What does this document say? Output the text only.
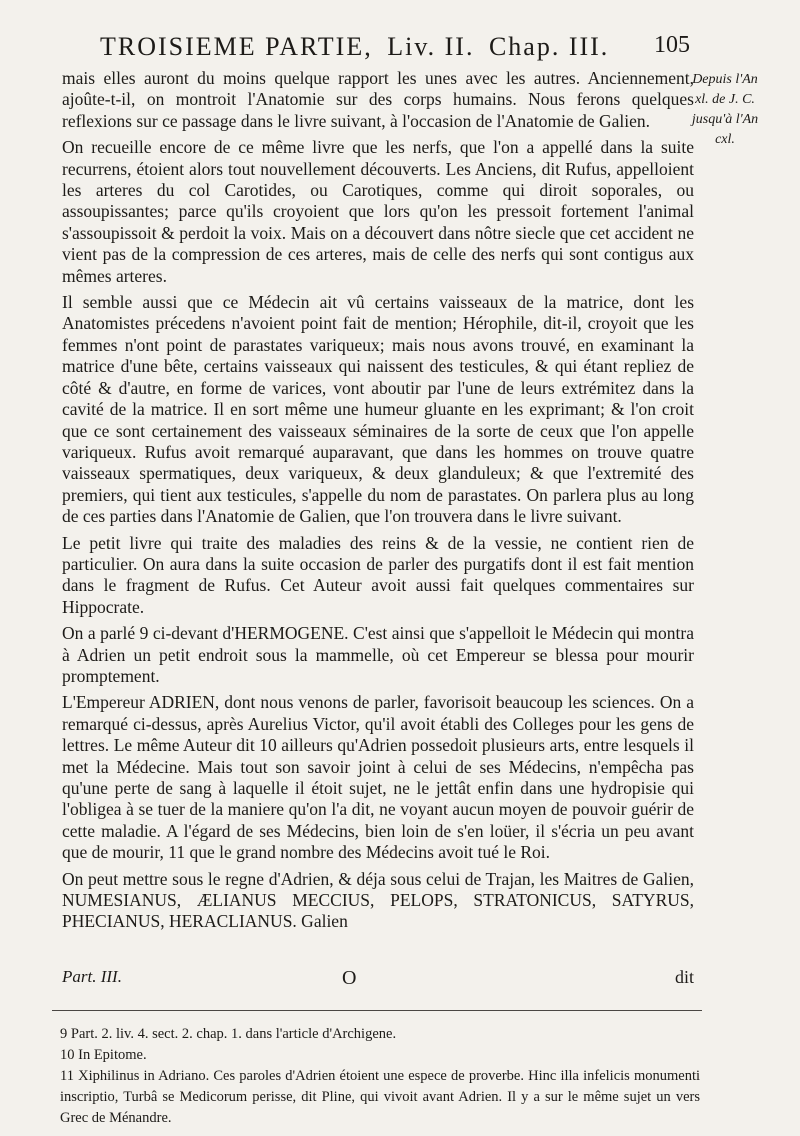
TROISIEME PARTIE, Liv. II. Chap. III. 105
Depuis l'An xl. de J. C. jusqu'à l'An cxl.

mais elles auront du moins quelque rapport les unes avec les autres. Anciennement, ajoûte-t-il, on montroit l'Anatomie sur des corps humains. Nous ferons quelques reflexions sur ce passage dans le livre suivant, à l'occasion de l'Anatomie de Galien.

On recueille encore de ce même livre que les nerfs, que l'on a appellé dans la suite recurrens, étoient alors tout nouvellement découverts. Les Anciens, dit Rufus, appelloient les arteres du col Carotides, ou Carotiques, comme qui diroit soporales, ou assoupissantes; parce qu'ils croyoient que lors qu'on les pressoit fortement l'animal s'assoupissoit & perdoit la voix. Mais on a découvert dans nôtre siecle que cet accident ne vient pas de la compression de ces arteres, mais de celle des nerfs qui sont contigus aux mêmes arteres.

Il semble aussi que ce Médecin ait vû certains vaisseaux de la matrice, dont les Anatomistes précedens n'avoient point fait de mention; Hérophile, dit-il, croyoit que les femmes n'ont point de parastates variqueux; mais nous avons trouvé, en examinant la matrice d'une bête, certains vaisseaux qui naissent des testicules, & qui étant repliez de côté & d'autre, en forme de varices, vont aboutir par l'une de leurs extrémitez dans la cavité de la matrice. Il en sort même une humeur gluante en les exprimant; & l'on croit que ce sont certainement des vaisseaux séminaires de la sorte de ceux que l'on appelle variqueux. Rufus avoit remarqué auparavant, que dans les hommes on trouve quatre vaisseaux spermatiques, deux variqueux, & deux glanduleux; & que l'extremité des premiers, qui tient aux testicules, s'appelle du nom de parastates. On parlera plus au long de ces parties dans l'Anatomie de Galien, que l'on trouvera dans le livre suivant.

Le petit livre qui traite des maladies des reins & de la vessie, ne contient rien de particulier. On aura dans la suite occasion de parler des purgatifs dont il est fait mention dans le fragment de Rufus. Cet Auteur avoit aussi fait quelques commentaires sur Hippocrate.

On a parlé 9 ci-devant d'HERMOGENE. C'est ainsi que s'appelloit le Médecin qui montra à Adrien un petit endroit sous la mammelle, où cet Empereur se blessa pour mourir promptement.

L'Empereur ADRIEN, dont nous venons de parler, favorisoit beaucoup les sciences. On a remarqué ci-dessus, après Aurelius Victor, qu'il avoit établi des Colleges pour les gens de lettres. Le même Auteur dit 10 ailleurs qu'Adrien possedoit plusieurs arts, entre lesquels il met la Médecine. Mais tout son savoir joint à celui de ses Médecins, n'empêcha pas qu'une perte de sang à laquelle il étoit sujet, ne le jettât enfin dans une hydropisie qui l'obligea à se tuer de la maniere qu'on l'a dit, ne voyant aucun moyen de pouvoir guérir de cette maladie. A l'égard de ses Médecins, bien loin de s'en loüer, il s'écria un peu avant que de mourir, 11 que le grand nombre des Médecins avoit tué le Roi.

On peut mettre sous le regne d'Adrien, & déja sous celui de Trajan, les Maitres de Galien, NUMESIANUS, ÆLIANUS MECCIUS, PELOPS, STRATONICUS, SATYRUS, PHECIANUS, HERACLIANUS. Galien

Part. III.	O	dit

9 Part. 2. liv. 4. sect. 2. chap. 1. dans l'article d'Archigene.

10 In Epitome.

11 Xiphilinus in Adriano. Ces paroles d'Adrien étoient une espece de proverbe. Hinc illa infelicis monumenti inscriptio, Turbâ se Medicorum perisse, dit Pline, qui vivoit avant Adrien. Il y a sur le même sujet un vers Grec de Ménandre.
